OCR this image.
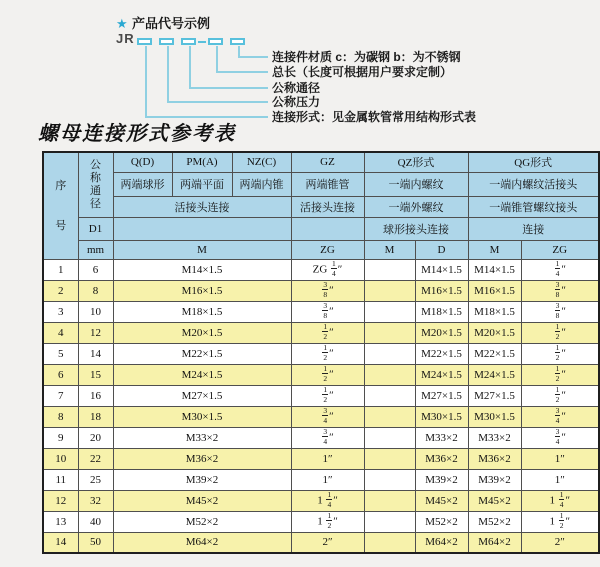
★ 产品代号示例
JR
连接件材质 c：为碳钢 b：为不锈钢
总长（长度可根据用户要求定制）
公称通径
公称压力
连接形式：见金属软管常用结构形式表
螺母连接形式参考表
序
号	公
称
通
径	Q(D)	PM(A)	NZ(C)	GZ	QZ形式		QG形式	
		两端球形	两端平面	两端内锥	两端锥管	一端内螺纹		一端内螺纹活接头	
		活接头连接			活接头连接	一端外螺纹		一端锥管螺纹接头	
	D1					球形接头连接		连接	
	mm	M			ZG	M	D	M	ZG
1	6	M14×1.5			ZG $\frac{1}{4}$ ″		M14×1.5	M14×1.5	$\frac{1}{4}$ ″
2	8	M16×1.5			$\frac{3}{8}$ ″		M16×1.5	M16×1.5	$\frac{3}{8}$ ″
3	10	M18×1.5			$\frac{3}{8}$ ″		M18×1.5	M18×1.5	$\frac{3}{8}$ ″
4	12	M20×1.5			$\frac{1}{2}$ ″		M20×1.5	M20×1.5	$\frac{1}{2}$ ″
5	14	M22×1.5			$\frac{1}{2}$ ″		M22×1.5	M22×1.5	$\frac{1}{2}$ ″
6	15	M24×1.5			$\frac{1}{2}$ ″		M24×1.5	M24×1.5	$\frac{1}{2}$ ″
7	16	M27×1.5			$\frac{1}{2}$ ″		M27×1.5	M27×1.5	$\frac{1}{2}$ ″
8	18	M30×1.5			$\frac{3}{4}$ ″		M30×1.5	M30×1.5	$\frac{3}{4}$ ″
9	20	M33×2			$\frac{3}{4}$ ″		M33×2	M33×2	$\frac{3}{4}$ ″
10	22	M36×2			1″		M36×2	M36×2	1″
11	25	M39×2			1″		M39×2	M39×2	1″
12	32	M45×2			$1 \frac{1}{4}$ ″		M45×2	M45×2	$1 \frac{1}{4}$ ″
13	40	M52×2			$1 \frac{1}{2}$ ″		M52×2	M52×2	$1 \frac{1}{2}$ ″
14	50	M64×2			2″		M64×2	M64×2	2″
